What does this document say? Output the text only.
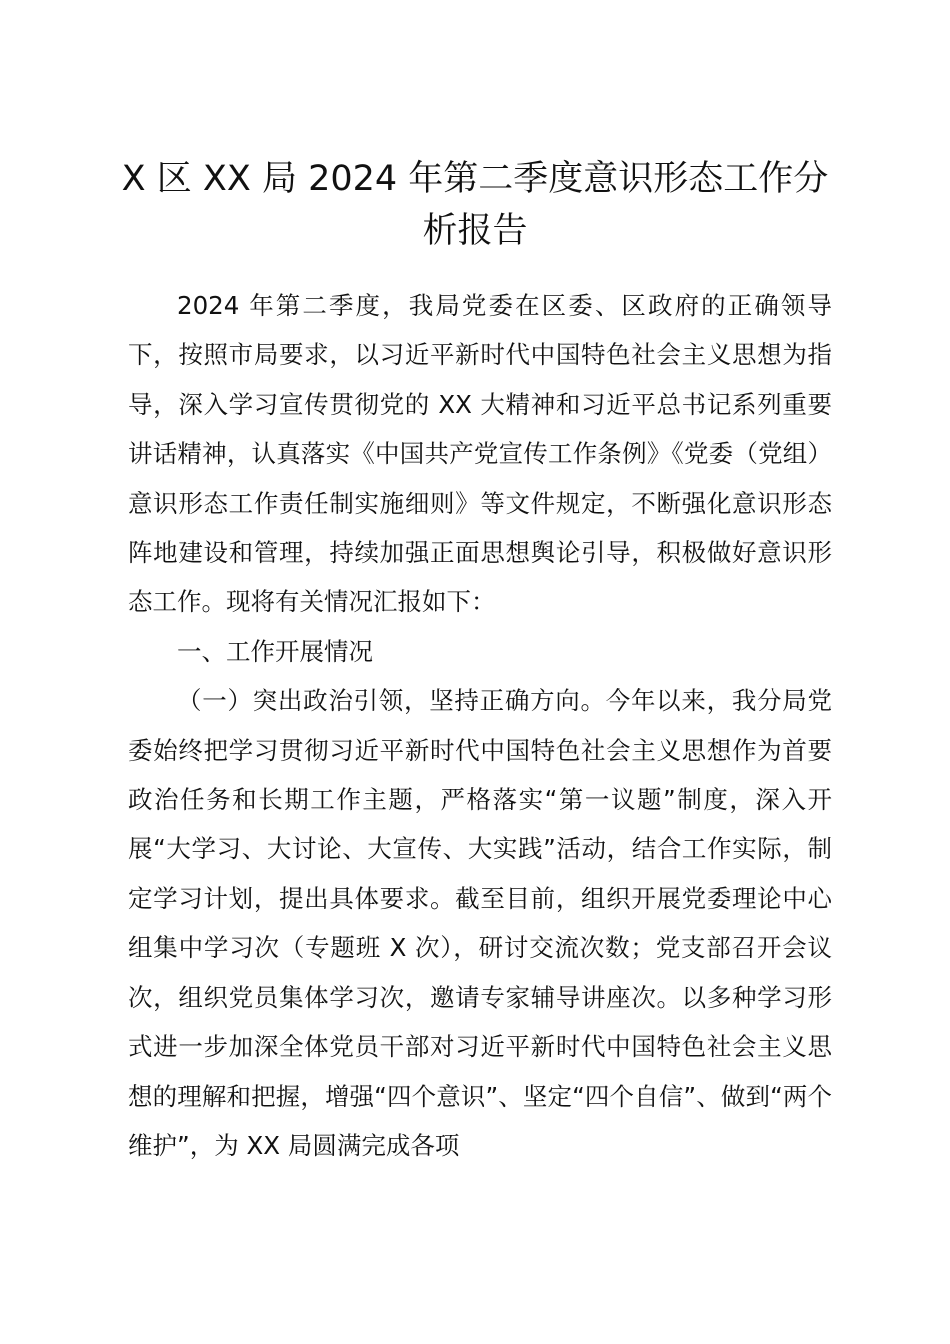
X 区 XX 局 2024 年第二季度意识形态工作分析报告

2024 年第二季度，我局党委在区委、区政府的正确领导下，按照市局要求，以习近平新时代中国特色社会主义思想为指导，深入学习宣传贯彻党的 XX 大精神和习近平总书记系列重要讲话精神，认真落实《中国共产党宣传工作条例》《党委（党组）意识形态工作责任制实施细则》等文件规定，不断强化意识形态阵地建设和管理，持续加强正面思想舆论引导，积极做好意识形态工作。现将有关情况汇报如下：

一、工作开展情况

（一）突出政治引领，坚持正确方向。今年以来，我分局党委始终把学习贯彻习近平新时代中国特色社会主义思想作为首要政治任务和长期工作主题，严格落实“第一议题”制度，深入开展“大学习、大讨论、大宣传、大实践”活动，结合工作实际，制定学习计划，提出具体要求。截至目前，组织开展党委理论中心组集中学习次（专题班 X 次），研讨交流次数；党支部召开会议次，组织党员集体学习次，邀请专家辅导讲座次。以多种学习形式进一步加深全体党员干部对习近平新时代中国特色社会主义思想的理解和把握，增强“四个意识”、坚定“四个自信”、做到“两个维护”，为 XX 局圆满完成各项
